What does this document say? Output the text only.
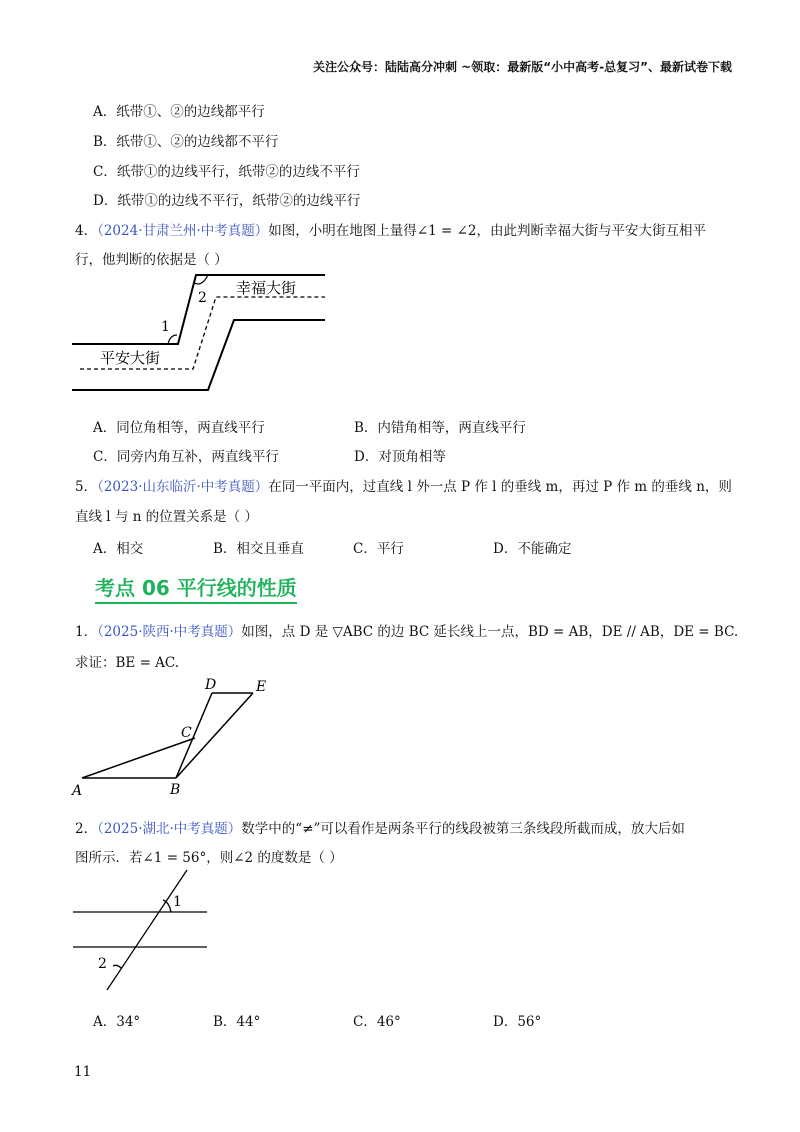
关注公众号：陆陆高分冲刺 ~领取：最新版“小中高考-总复习”、最新试卷下载
A．纸带①、②的边线都平行
B．纸带①、②的边线都不平行
C．纸带①的边线平行，纸带②的边线不平行
D．纸带①的边线不平行，纸带②的边线平行
4．（2024·甘肃兰州·中考真题）如图，小明在地图上量得∠1 = ∠2，由此判断幸福大街与平安大街互相平
行，他判断的依据是（ ）
1
2
幸福大街
平安大街
A．同位角相等，两直线平行	B．内错角相等，两直线平行
C．同旁内角互补，两直线平行	D．对顶角相等
5．（2023·山东临沂·中考真题）在同一平面内，过直线 l 外一点 P 作 l 的垂线 m，再过 P 作 m 的垂线 n，则
直线 l 与 n 的位置关系是（ ）
A．相交	B．相交且垂直	C．平行	D．不能确定
考点 06 平行线的性质
1．（2025·陕西·中考真题）如图，点 D 是 ▽ABC 的边 BC 延长线上一点，BD = AB，DE // AB，DE = BC.
求证：BE = AC.
A	B
C
D	E
2．（2025·湖北·中考真题）数学中的“≠”可以看作是两条平行的线段被第三条线段所截而成，放大后如
图所示．若∠1 = 56°，则∠2 的度数是（ ）
1
2
A．34°	B．44°	C．46°	D．56°
11
